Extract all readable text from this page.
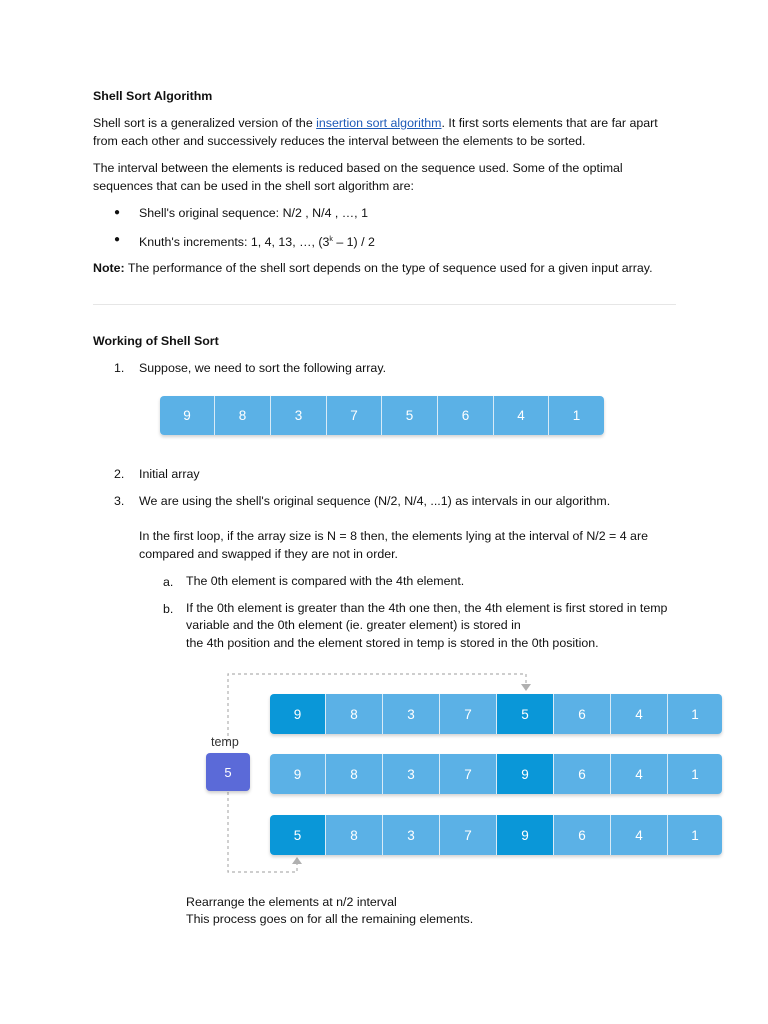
Shell Sort Algorithm

Shell sort is a generalized version of the insertion sort algorithm. It first sorts elements that are far apart from each other and successively reduces the interval between the elements to be sorted.

The interval between the elements is reduced based on the sequence used. Some of the optimal sequences that can be used in the shell sort algorithm are:

● Shell's original sequence: N/2 , N/4 , …, 1
● Knuth's increments: 1, 4, 13, …, (3$^k$ – 1) / 2

Note: The performance of the shell sort depends on the type of sequence used for a given input array.

Working of Shell Sort
1. Suppose, we need to sort the following array.
9	8	3	7	5	6	4	1
2. Initial array
3. We are using the shell's original sequence (N/2, N/4, ...1) as intervals in our algorithm.
In the first loop, if the array size is N = 8 then, the elements lying at the interval of N/2 = 4 are compared and swapped if they are not in order.
a. The 0th element is compared with the 4th element.
b. If the 0th element is greater than the 4th one then, the 4th element is first stored in temp variable and the 0th element (ie. greater element) is stored in
the 4th position and the element stored in temp is stored in the 0th position.
temp
5
9	8	3	7	5	6	4	1
9	8	3	7	9	6	4	1
5	8	3	7	9	6	4	1
Rearrange the elements at n/2 interval
This process goes on for all the remaining elements.
